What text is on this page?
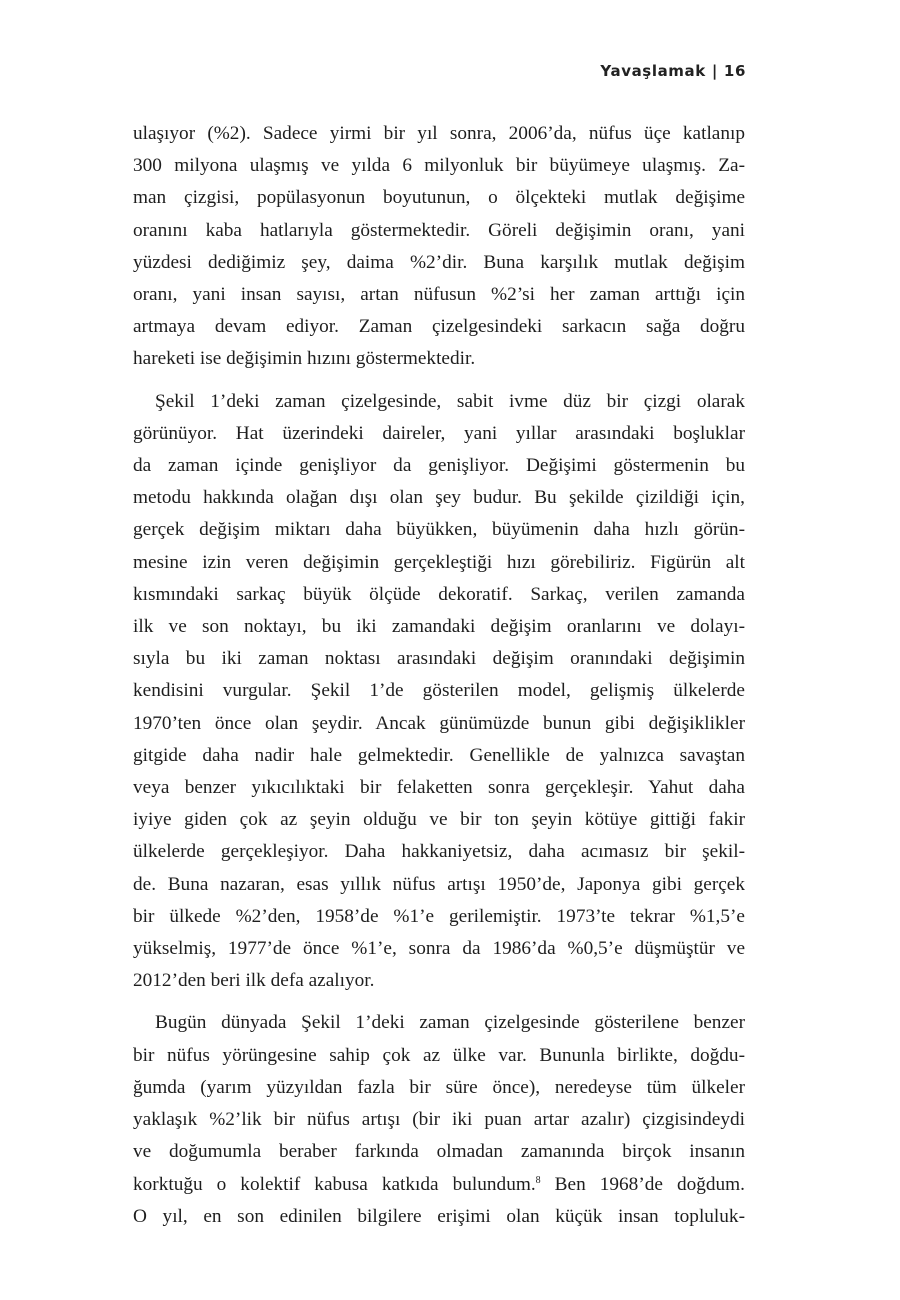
Yavaşlamak | 16

ulaşıyor (%2). Sadece yirmi bir yıl sonra, 2006’da, nüfus üçe katlanıp
300 milyona ulaşmış ve yılda 6 milyonluk bir büyümeye ulaşmış. Za-
man çizgisi, popülasyonun boyutunun, o ölçekteki mutlak değişime
oranını kaba hatlarıyla göstermektedir. Göreli değişimin oranı, yani
yüzdesi dediğimiz şey, daima %2’dir. Buna karşılık mutlak değişim
oranı, yani insan sayısı, artan nüfusun %2’si her zaman arttığı için
artmaya devam ediyor. Zaman çizelgesindeki sarkacın sağa doğru
hareketi ise değişimin hızını göstermektedir.

Şekil 1’deki zaman çizelgesinde, sabit ivme düz bir çizgi olarak
görünüyor. Hat üzerindeki daireler, yani yıllar arasındaki boşluklar
da zaman içinde genişliyor da genişliyor. Değişimi göstermenin bu
metodu hakkında olağan dışı olan şey budur. Bu şekilde çizildiği için,
gerçek değişim miktarı daha büyükken, büyümenin daha hızlı görün-
mesine izin veren değişimin gerçekleştiği hızı görebiliriz. Figürün alt
kısmındaki sarkaç büyük ölçüde dekoratif. Sarkaç, verilen zamanda
ilk ve son noktayı, bu iki zamandaki değişim oranlarını ve dolayı-
sıyla bu iki zaman noktası arasındaki değişim oranındaki değişimin
kendisini vurgular. Şekil 1’de gösterilen model, gelişmiş ülkelerde
1970’ten önce olan şeydir. Ancak günümüzde bunun gibi değişiklikler
gitgide daha nadir hale gelmektedir. Genellikle de yalnızca savaştan
veya benzer yıkıcılıktaki bir felaketten sonra gerçekleşir. Yahut daha
iyiye giden çok az şeyin olduğu ve bir ton şeyin kötüye gittiği fakir
ülkelerde gerçekleşiyor. Daha hakkaniyetsiz, daha acımasız bir şekil-
de. Buna nazaran, esas yıllık nüfus artışı 1950’de, Japonya gibi gerçek
bir ülkede %2’den, 1958’de %1’e gerilemiştir. 1973’te tekrar %1,5’e
yükselmiş, 1977’de önce %1’e, sonra da 1986’da %0,5’e düşmüştür ve
2012’den beri ilk defa azalıyor.

Bugün dünyada Şekil 1’deki zaman çizelgesinde gösterilene benzer
bir nüfus yörüngesine sahip çok az ülke var. Bununla birlikte, doğdu-
ğumda (yarım yüzyıldan fazla bir süre önce), neredeyse tüm ülkeler
yaklaşık %2’lik bir nüfus artışı (bir iki puan artar azalır) çizgisindeydi
ve doğumumla beraber farkında olmadan zamanında birçok insanın
korktuğu o kolektif kabusa katkıda bulundum.$^8$ Ben 1968’de doğdum.
O yıl, en son edinilen bilgilere erişimi olan küçük insan topluluk-
